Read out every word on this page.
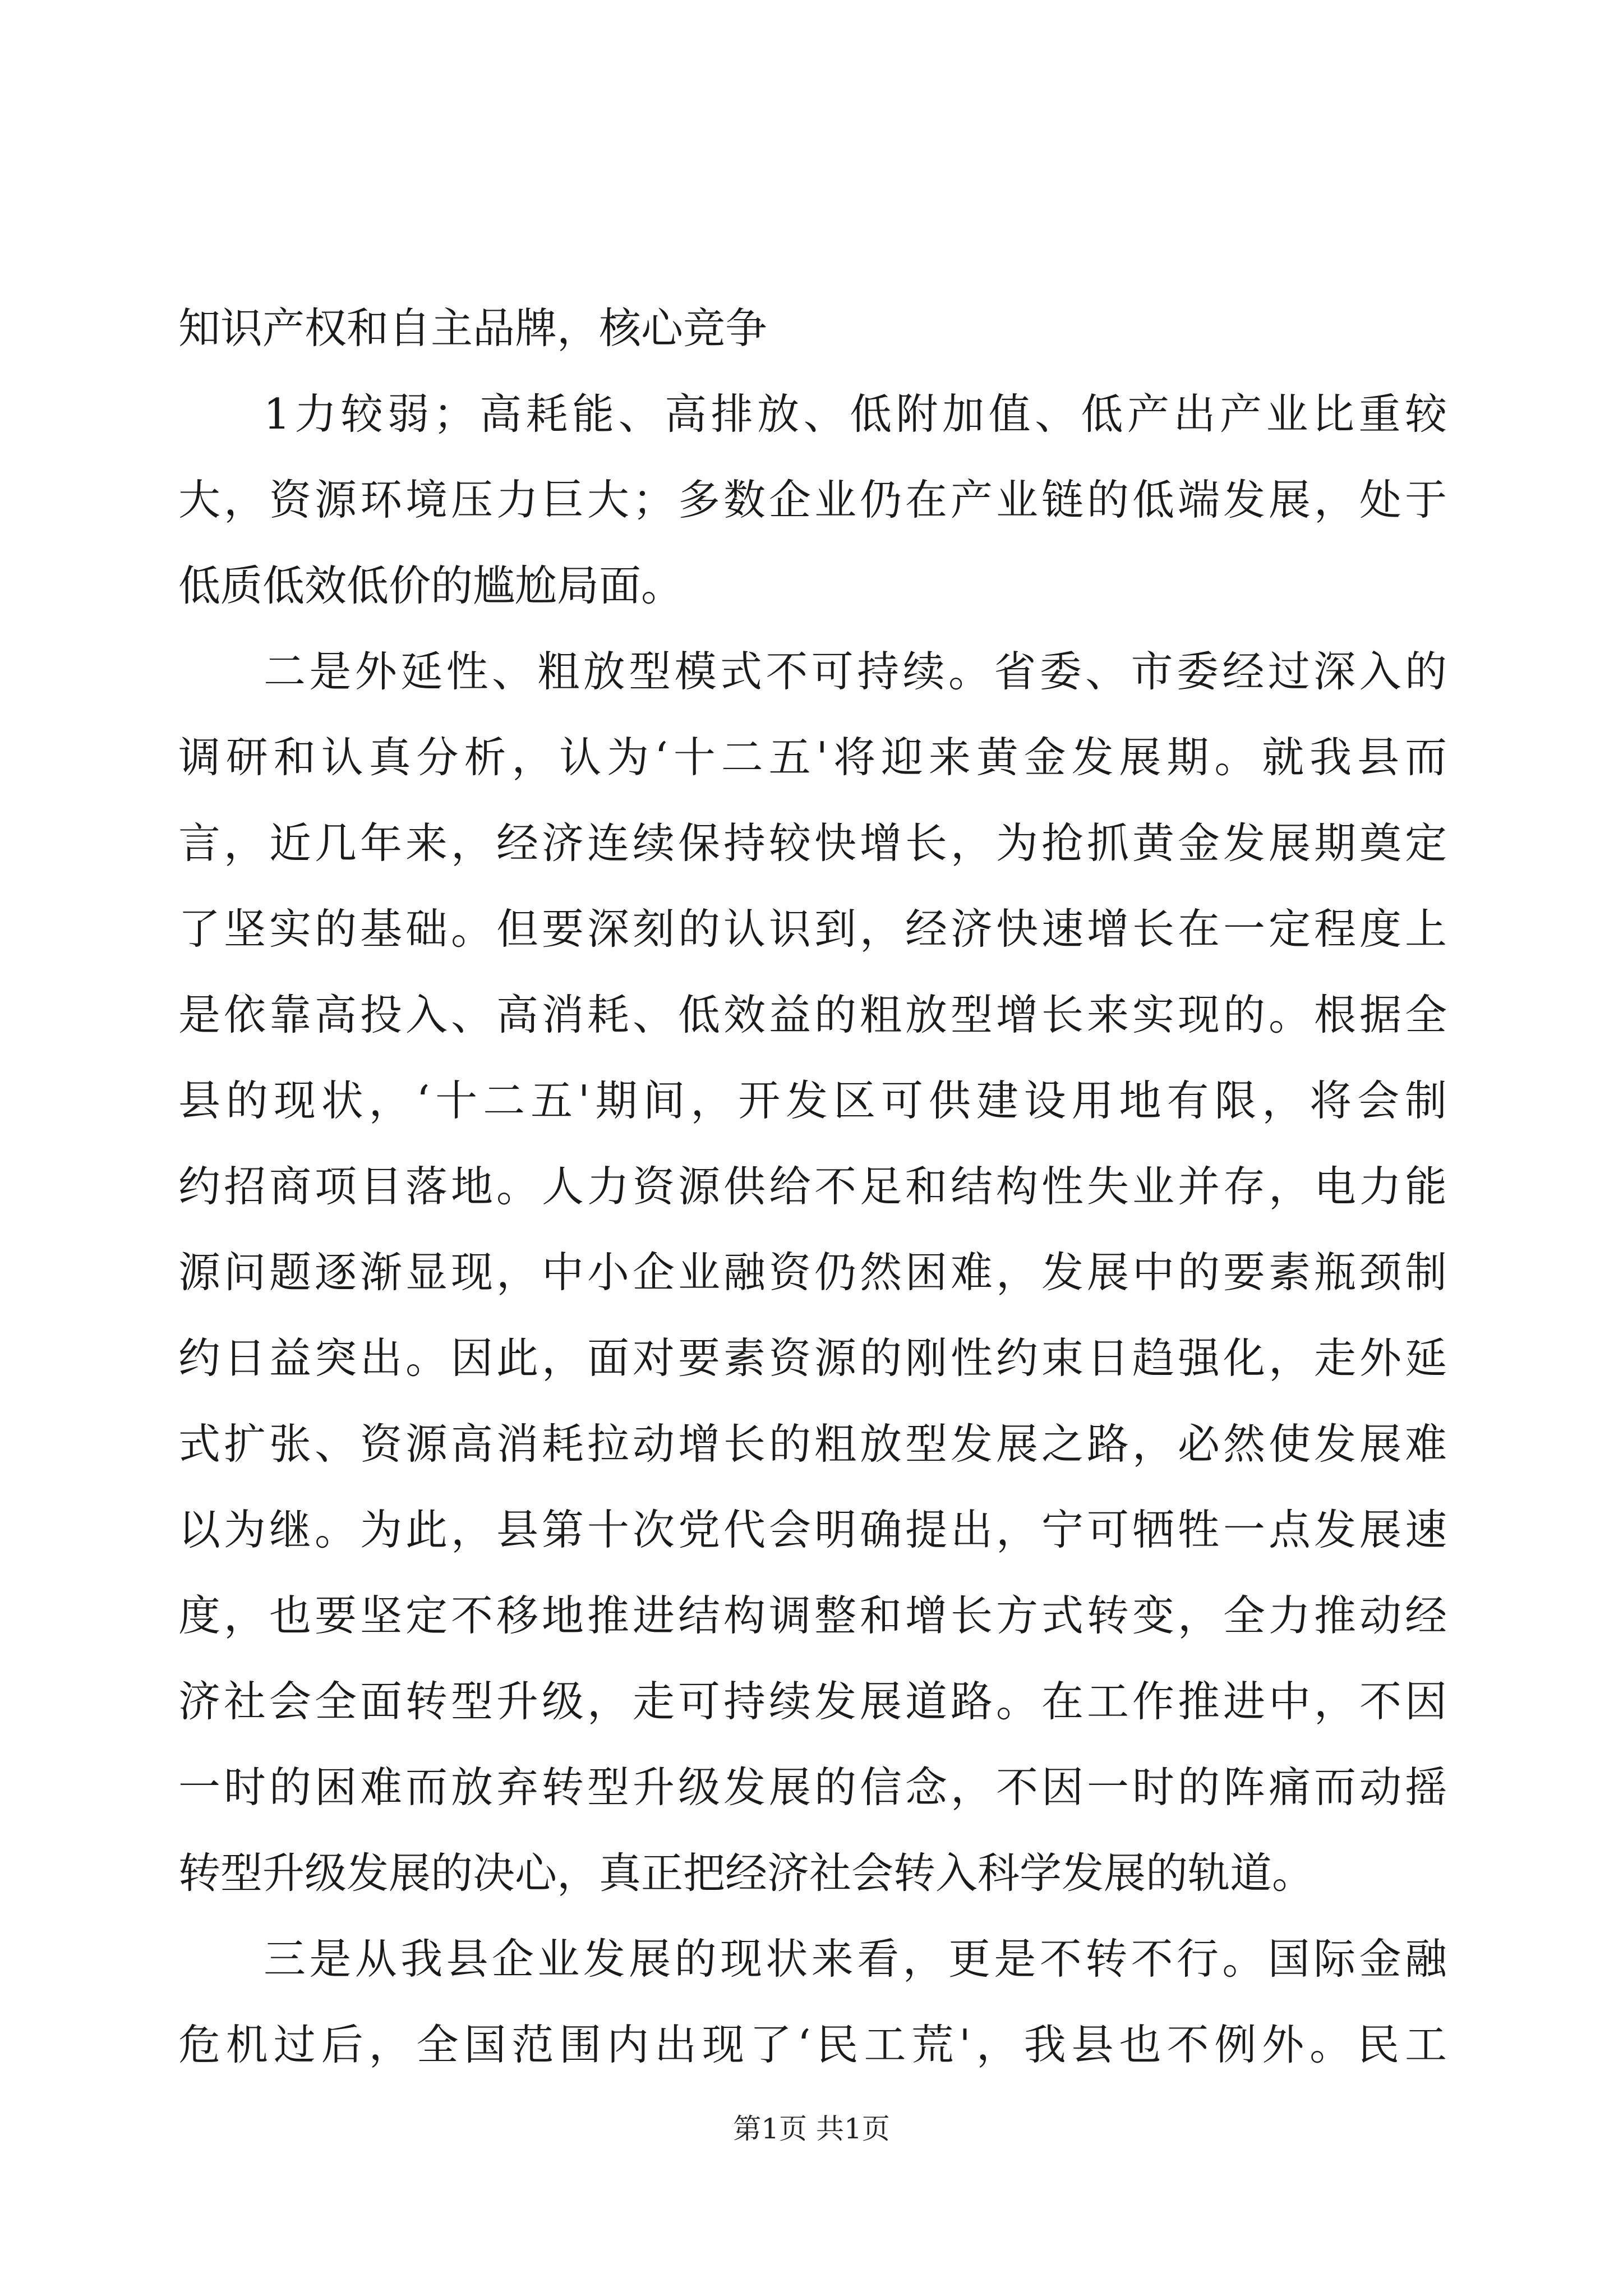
知识产权和自主品牌，核心竞争
1力较弱；高耗能、高排放、低附加值、低产出产业比重较
大，资源环境压力巨大；多数企业仍在产业链的低端发展，处于
低质低效低价的尴尬局面。
二是外延性、粗放型模式不可持续。省委、市委经过深入的
调研和认真分析，认为‘十二五'将迎来黄金发展期。就我县而
言，近几年来，经济连续保持较快增长，为抢抓黄金发展期奠定
了坚实的基础。但要深刻的认识到，经济快速增长在一定程度上
是依靠高投入、高消耗、低效益的粗放型增长来实现的。根据全
县的现状，‘十二五'期间，开发区可供建设用地有限，将会制
约招商项目落地。人力资源供给不足和结构性失业并存，电力能
源问题逐渐显现，中小企业融资仍然困难，发展中的要素瓶颈制
约日益突出。因此，面对要素资源的刚性约束日趋强化，走外延
式扩张、资源高消耗拉动增长的粗放型发展之路，必然使发展难
以为继。为此，县第十次党代会明确提出，宁可牺牲一点发展速
度，也要坚定不移地推进结构调整和增长方式转变，全力推动经
济社会全面转型升级，走可持续发展道路。在工作推进中，不因
一时的困难而放弃转型升级发展的信念，不因一时的阵痛而动摇
转型升级发展的决心，真正把经济社会转入科学发展的轨道。
三是从我县企业发展的现状来看，更是不转不行。国际金融
危机过后，全国范围内出现了‘民工荒'，我县也不例外。民工
第1页 共1页
